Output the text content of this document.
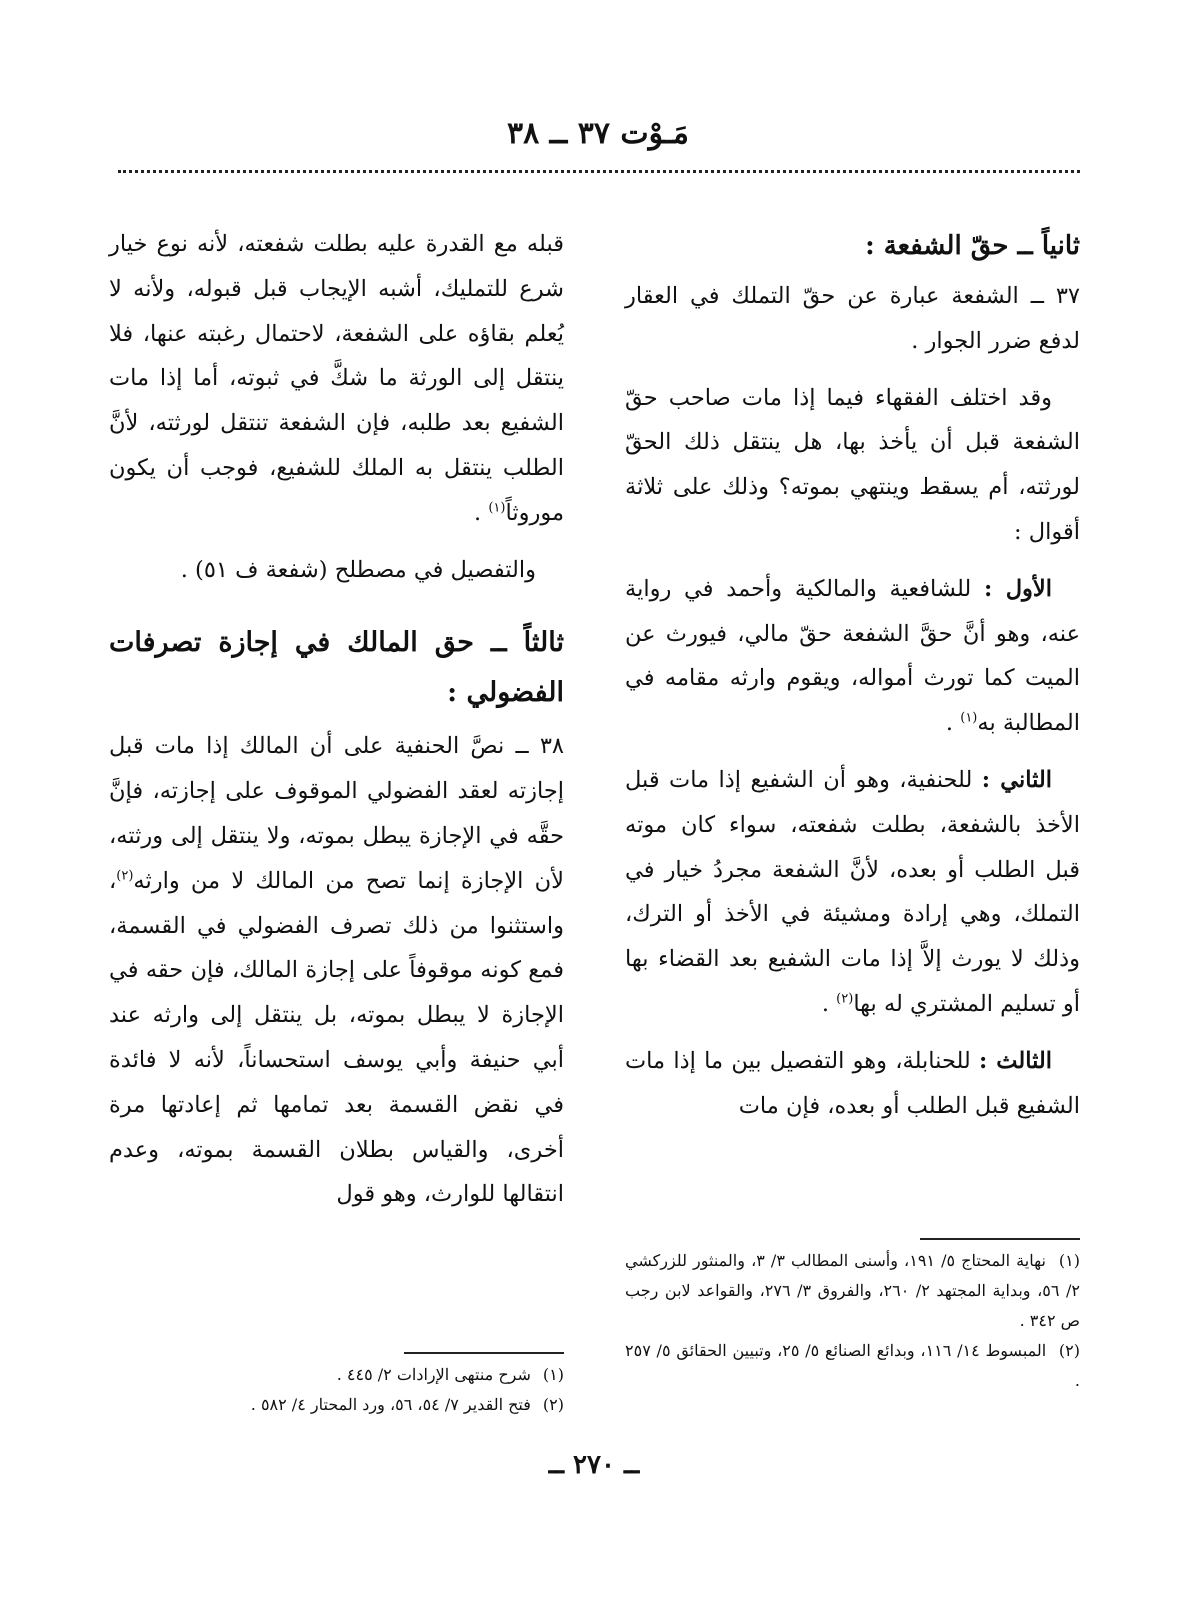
مَـوْت ٣٧ ــ ٣٨
ثانياً ــ حقّ الشفعة :

٣٧ ــ الشفعة عبارة عن حقّ التملك في العقار لدفع ضرر الجوار .

وقد اختلف الفقهاء فيما إذا مات صاحب حقّ الشفعة قبل أن يأخذ بها، هل ينتقل ذلك الحقّ لورثته، أم يسقط وينتهي بموته؟ وذلك على ثلاثة أقوال :

الأول : للشافعية والمالكية وأحمد في رواية عنه، وهو أنَّ حقَّ الشفعة حقّ مالي، فيورث عن الميت كما تورث أمواله، ويقوم وارثه مقامه في المطالبة به$^{(١)}$ .

الثاني : للحنفية، وهو أن الشفيع إذا مات قبل الأخذ بالشفعة، بطلت شفعته، سواء كان موته قبل الطلب أو بعده، لأنَّ الشفعة مجردُ خيار في التملك، وهي إرادة ومشيئة في الأخذ أو الترك، وذلك لا يورث إلاَّ إذا مات الشفيع بعد القضاء بها أو تسليم المشتري له بها$^{(٢)}$ .

الثالث : للحنابلة، وهو التفصيل بين ما إذا مات الشفيع قبل الطلب أو بعده، فإن مات

(١) نهاية المحتاج ٥/ ١٩١، وأسنى المطالب ٣/ ٣، والمنثور للزركشي ٢/ ٥٦، وبداية المجتهد ٢/ ٢٦٠، والفروق ٣/ ٢٧٦، والقواعد لابن رجب ص ٣٤٢ .

(٢) المبسوط ١٤/ ١١٦، وبدائع الصنائع ٥/ ٢٥، وتبيين الحقائق ٥/ ٢٥٧ .

قبله مع القدرة عليه بطلت شفعته، لأنه نوع خيار شرع للتمليك، أشبه الإيجاب قبل قبوله، ولأنه لا يُعلم بقاؤه على الشفعة، لاحتمال رغبته عنها، فلا ينتقل إلى الورثة ما شكَّ في ثبوته، أما إذا مات الشفيع بعد طلبه، فإن الشفعة تنتقل لورثته، لأنَّ الطلب ينتقل به الملك للشفيع، فوجب أن يكون موروثاً$^{(١)}$ .

والتفصيل في مصطلح (شفعة ف ٥١) .

ثالثاً ــ حق المالك في إجازة تصرفات الفضولي :

٣٨ ــ نصَّ الحنفية على أن المالك إذا مات قبل إجازته لعقد الفضولي الموقوف على إجازته، فإنَّ حقَّه في الإجازة يبطل بموته، ولا ينتقل إلى ورثته، لأن الإجازة إنما تصح من المالك لا من وارثه$^{(٢)}$، واستثنوا من ذلك تصرف الفضولي في القسمة، فمع كونه موقوفاً على إجازة المالك، فإن حقه في الإجازة لا يبطل بموته، بل ينتقل إلى وارثه عند أبي حنيفة وأبي يوسف استحساناً، لأنه لا فائدة في نقض القسمة بعد تمامها ثم إعادتها مرة أخرى، والقياس بطلان القسمة بموته، وعدم انتقالها للوارث، وهو قول

(١) شرح منتهى الإرادات ٢/ ٤٤٥ .

(٢) فتح القدير ٧/ ٥٤، ٥٦، ورد المحتار ٤/ ٥٨٢ .

ــ ٢٧٠ ــ
